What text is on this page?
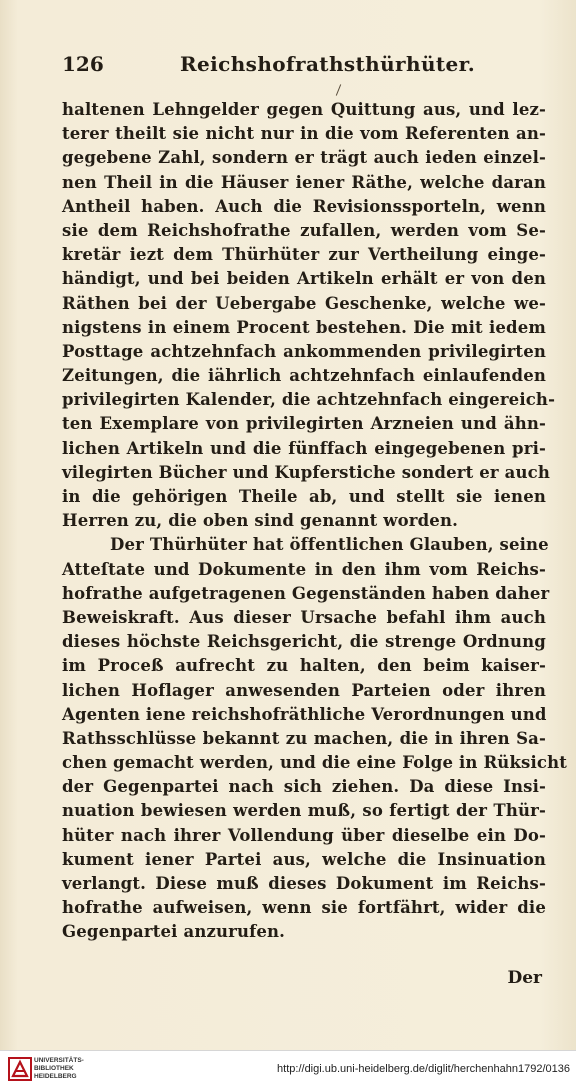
126	Reichshofrathsthürhüter.
haltenen Lehngelder gegen Quittung aus, und lez-
terer theilt sie nicht nur in die vom Referenten an-
gegebene Zahl, sondern er trägt auch ieden einzel-
nen Theil in die Häuser iener Räthe, welche daran
Antheil haben. Auch die Revisionssporteln, wenn
sie dem Reichshofrathe zufallen, werden vom Se-
kretär iezt dem Thürhüter zur Vertheilung einge-
händigt, und bei beiden Artikeln erhält er von den
Räthen bei der Uebergabe Geschenke, welche we-
nigstens in einem Procent bestehen. Die mit iedem
Posttage achtzehnfach ankommenden privilegirten
Zeitungen, die iährlich achtzehnfach einlaufenden
privilegirten Kalender, die achtzehnfach eingereich-
ten Exemplare von privilegirten Arzneien und ähn-
lichen Artikeln und die fünffach eingegebenen pri-
vilegirten Bücher und Kupferstiche sondert er auch
in die gehörigen Theile ab, und stellt sie ienen
Herren zu, die oben sind genannt worden.
Der Thürhüter hat öffentlichen Glauben, seine
Atteſtate und Dokumente in den ihm vom Reichs-
hofrathe aufgetragenen Gegenständen haben daher
Beweiskraft. Aus dieser Ursache befahl ihm auch
dieses höchste Reichsgericht, die strenge Ordnung
im Proceß aufrecht zu halten, den beim kaiser-
lichen Hoflager anwesenden Parteien oder ihren
Agenten iene reichshofräthliche Verordnungen und
Rathsschlüsse bekannt zu machen, die in ihren Sa-
chen gemacht werden, und die eine Folge in Rüksicht
der Gegenpartei nach sich ziehen. Da diese Insi-
nuation bewiesen werden muß, so fertigt der Thür-
hüter nach ihrer Vollendung über dieselbe ein Do-
kument iener Partei aus, welche die Insinuation
verlangt. Diese muß dieses Dokument im Reichs-
hofrathe aufweisen, wenn sie fortfährt, wider die
Gegenpartei anzurufen.
Der
UNIVERSITÄTS-
BIBLIOTHEK
HEIDELBERG
http://digi.ub.uni-heidelberg.de/diglit/herchenhahn1792/0136
